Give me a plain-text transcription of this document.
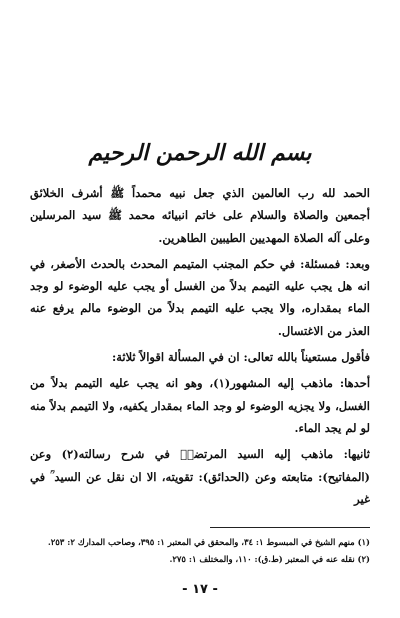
بسم الله الرحمن الرحيم

الحمد لله رب العالمين الذي جعل نبيه محمداً ﷺ أشرف الخلائق أجمعين والصلاة والسلام على خاتم انبيائه محمد ﷺ سيد المرسلين وعلى آله الصلاة المهديين الطيبين الطاهرين.

وبعد: فمسئلة: في حكم المجنب المتيمم المحدث بالحدث الأصغر، في انه هل يجب عليه التيمم بدلاً من الغسل أو يجب عليه الوضوء لو وجد الماء بمقداره، والا يجب عليه التيمم بدلاً من الوضوء مالم يرفع عنه العذر من الاغتسال.

فأقول مستعيناً بالله تعالى: ان في المسألة اقوالاً ثلاثة:

أحدها: ماذهب إليه المشهور(١)، وهو انه يجب عليه التيمم بدلاً من الغسل، ولا يجزيه الوضوء لو وجد الماء بمقدار يكفيه، ولا التيمم بدلاً منه لو لم يجد الماء.

ثانيها: ماذهب إليه السيد المرتضىؒ في شرح رسالته(٢) وعن (المفاتيح): متابعته وعن (الحدائق): تقويته، الا ان نقل عن السيد ؒ في غير

(١) منهم الشيخ في المبسوط ١: ٣٤، والمحقق في المعتبر ١: ٣٩٥، وصاحب المدارك ٢: ٢٥٣.
(٢) نقله عنه في المعتبر (ط.ق): ١١٠، والمختلف ١: ٢٧٥.
- ١٧ -
